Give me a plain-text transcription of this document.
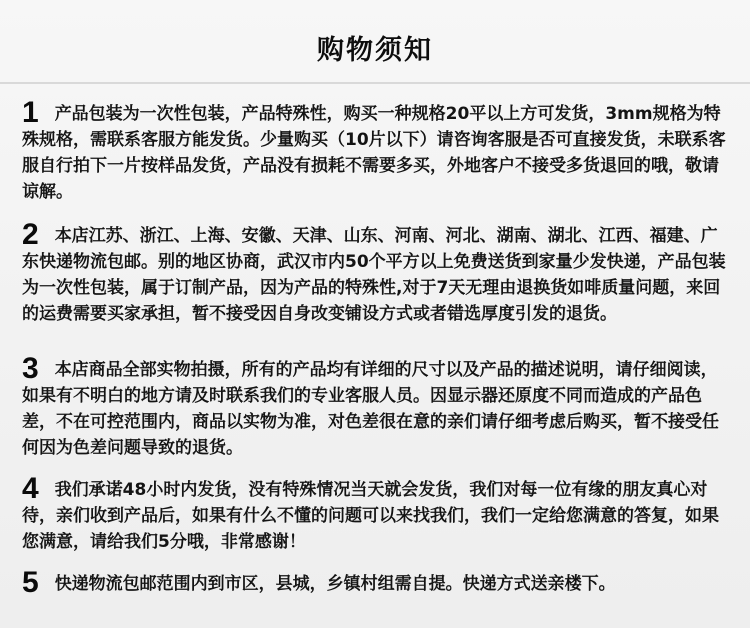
购物须知
1 产品包装为一次性包装，产品特殊性，购买一种规格20平以上方可发货，3mm规格为特殊规格，需联系客服方能发货。少量购买（10片以下）请咨询客服是否可直接发货，未联系客服自行拍下一片按样品发货，产品没有损耗不需要多买，外地客户不接受多货退回的哦，敬请谅解。
2 本店江苏、浙江、上海、安徽、天津、山东、河南、河北、湖南、湖北、江西、福建、广东快递物流包邮。别的地区协商，武汉市内50个平方以上免费送货到家量少发快递，产品包装为一次性包装，属于订制产品，因为产品的特殊性,对于7天无理由退换货如啡质量问题，来回的运费需要买家承担，暂不接受因自身改变铺设方式或者错选厚度引发的退货。
3 本店商品全部实物拍摄，所有的产品均有详细的尺寸以及产品的描述说明，请仔细阅读，如果有不明白的地方请及时联系我们的专业客服人员。因显示器还原度不同而造成的产品色差，不在可控范围内，商品以实物为准，对色差很在意的亲们请仔细考虑后购买，暂不接受任何因为色差问题导致的退货。
4 我们承诺48小时内发货，没有特殊情况当天就会发货，我们对每一位有缘的朋友真心对待，亲们收到产品后，如果有什么不懂的问题可以来找我们，我们一定给您满意的答复，如果您满意，请给我们5分哦，非常感谢！
5 快递物流包邮范围内到市区，县城，乡镇村组需自提。快递方式送亲楼下。
